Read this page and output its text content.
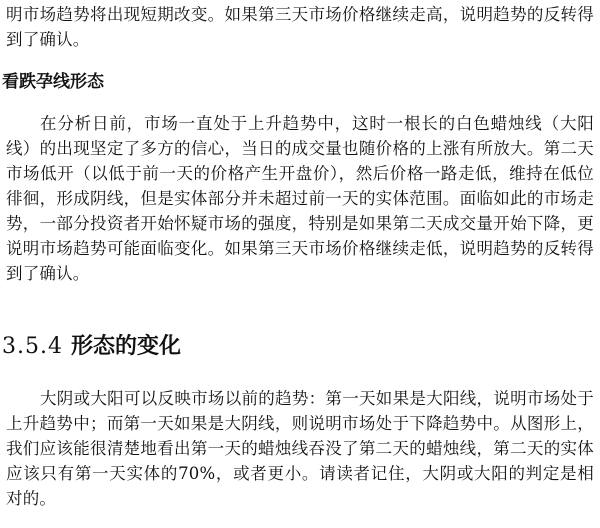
明市场趋势将出现短期改变。如果第三天市场价格继续走高，说明趋势的反转得到了确认。

看跌孕线形态

在分析日前，市场一直处于上升趋势中，这时一根长的白色蜡烛线（大阳线）的出现坚定了多方的信心，当日的成交量也随价格的上涨有所放大。第二天市场低开（以低于前一天的价格产生开盘价），然后价格一路走低，维持在低位徘徊，形成阴线，但是实体部分并未超过前一天的实体范围。面临如此的市场走势，一部分投资者开始怀疑市场的强度，特别是如果第二天成交量开始下降，更说明市场趋势可能面临变化。如果第三天市场价格继续走低，说明趋势的反转得到了确认。

3.5.4 形态的变化

大阴或大阳可以反映市场以前的趋势：第一天如果是大阳线，说明市场处于上升趋势中；而第一天如果是大阴线，则说明市场处于下降趋势中。从图形上，我们应该能很清楚地看出第一天的蜡烛线吞没了第二天的蜡烛线，第二天的实体应该只有第一天实体的70%，或者更小。请读者记住，大阴或大阳的判定是相对的。
